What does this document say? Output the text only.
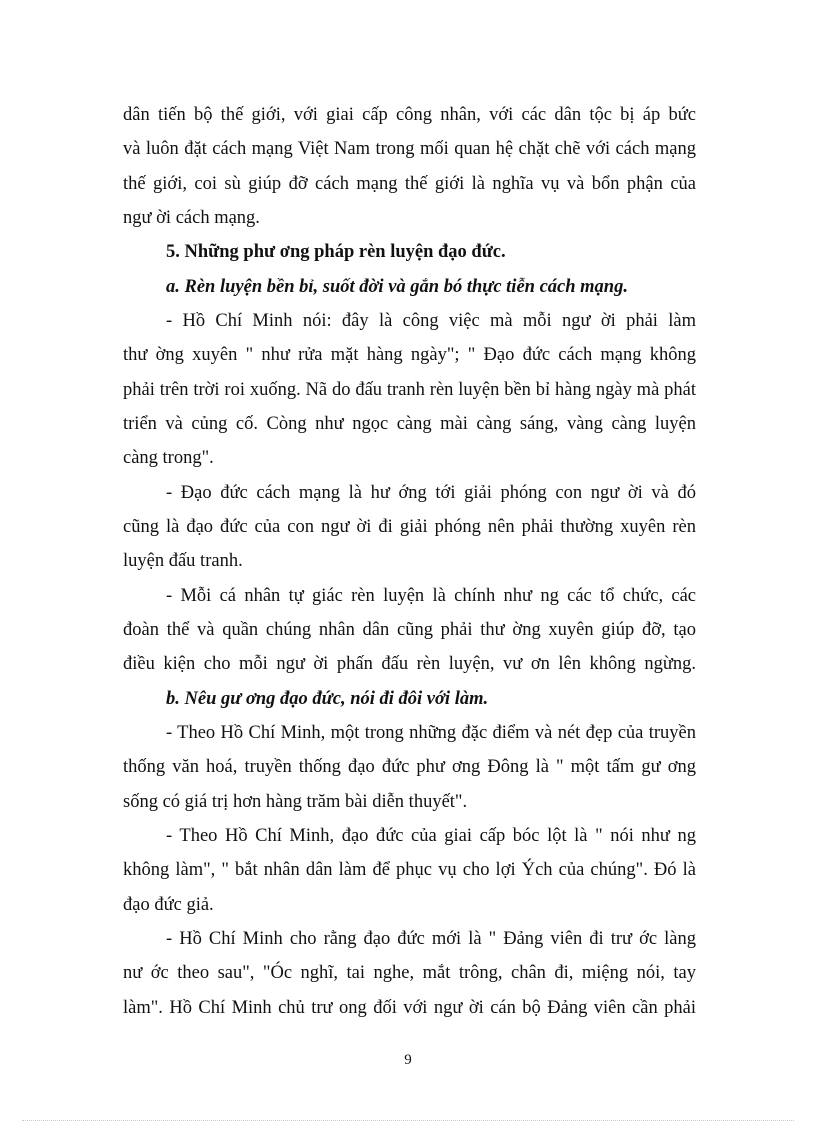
dân tiến bộ thế giới, với giai cấp công nhân, với các dân tộc bị áp bức

và luôn đặt cách mạng Việt Nam trong mối quan hệ chặt chẽ với cách mạng

thế giới, coi sù giúp đỡ cách mạng thế giới là nghĩa vụ và bổn phận của

ngư ời cách mạng.

5. Những phư ơng pháp rèn luyện đạo đức.

a. Rèn luyện bền bỉ, suốt đời và gắn bó thực tiễn cách mạng.

- Hồ Chí Minh nói: đây là công việc mà mỗi ngư ời phải làm

thư ờng xuyên " như rửa mặt hàng ngày"; " Đạo đức cách mạng không

phải trên trời roi xuống. Nã do đấu tranh rèn luyện bền bỉ hàng ngày mà phát

triển và củng cố. Còng như ngọc càng mài càng sáng, vàng càng luyện

càng trong".

- Đạo đức cách mạng là hư ớng tới giải phóng con ngư ời và đó

cũng là đạo đức của con ngư ời đi giải phóng nên phải thường xuyên rèn

luyện đấu tranh.

- Mỗi cá nhân tự giác rèn luyện là chính như ng các tổ chức, các

đoàn thể và quần chúng nhân dân cũng phải thư ờng xuyên giúp đỡ, tạo

điều kiện cho mỗi ngư ời phấn đấu rèn luyện, vư ơn lên không ngừng.

b. Nêu gư ơng đạo đức, nói đi đôi với làm.

- Theo Hồ Chí Minh, một trong những đặc điểm và nét đẹp của truyền

thống văn hoá, truyền thống đạo đức phư ơng Đông là " một tấm gư ơng

sống có giá trị hơn hàng trăm bài diễn thuyết".

- Theo Hồ Chí Minh, đạo đức của giai cấp bóc lột là " nói như ng

không làm", " bắt nhân dân làm để phục vụ cho lợi Ých của chúng". Đó là

đạo đức giả.

- Hồ Chí Minh cho rằng đạo đức mới là " Đảng viên đi trư ớc làng

nư ớc theo sau", "Óc nghĩ, tai nghe, mắt trông, chân đi, miệng nói, tay

làm". Hồ Chí Minh chủ trư ong đối với ngư ời cán bộ Đảng viên cần phải

9
